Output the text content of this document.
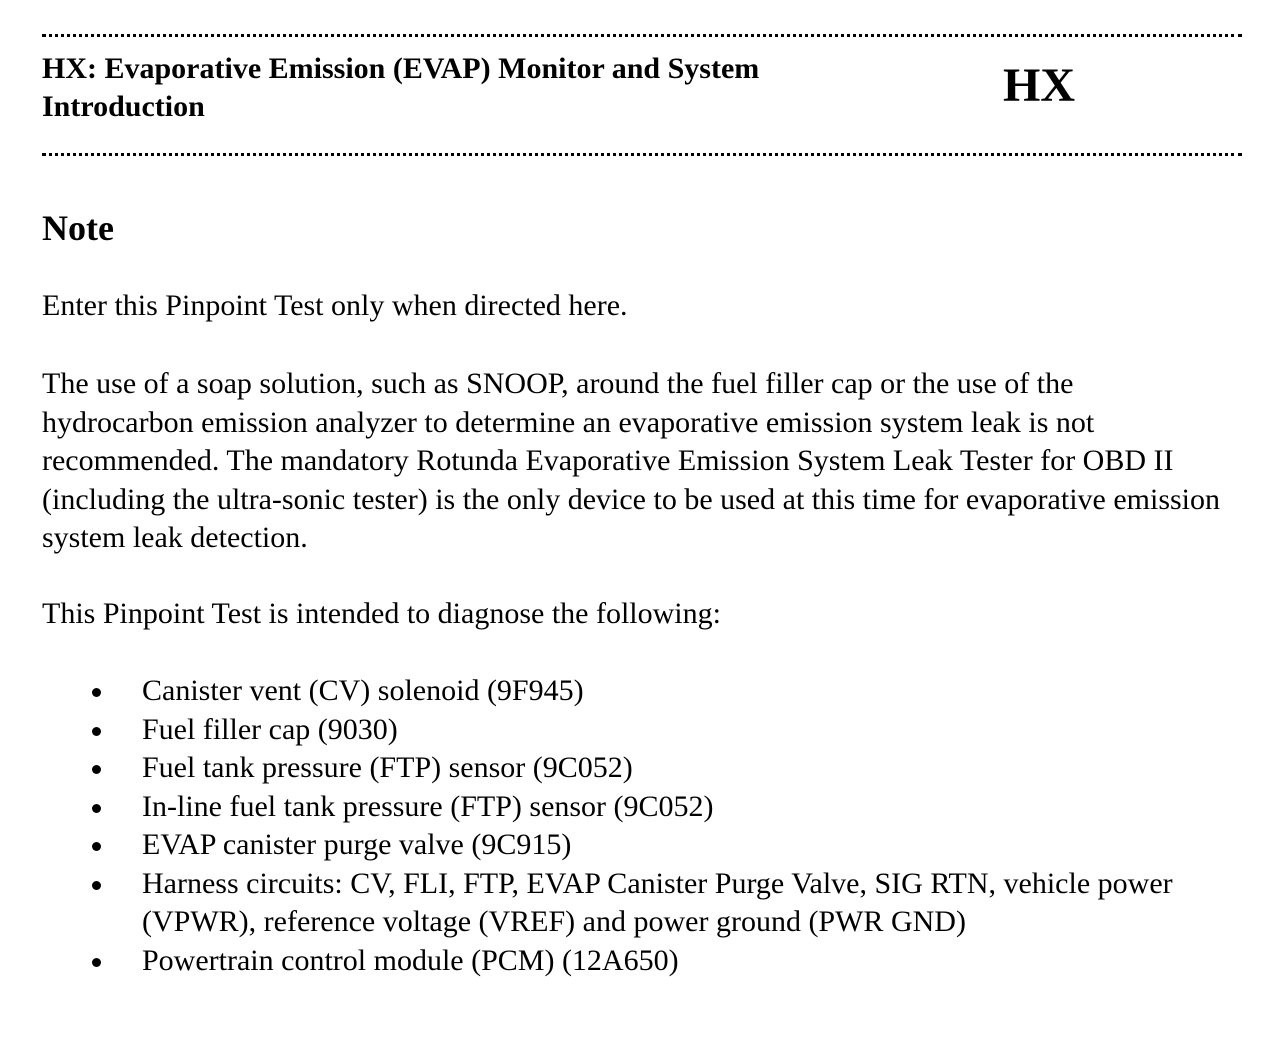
HX: Evaporative Emission (EVAP) Monitor and System Introduction	HX
Note

Enter this Pinpoint Test only when directed here.

The use of a soap solution, such as SNOOP, around the fuel filler cap or the use of the hydrocarbon emission analyzer to determine an evaporative emission system leak is not recommended. The mandatory Rotunda Evaporative Emission System Leak Tester for OBD II (including the ultra-sonic tester) is the only device to be used at this time for evaporative emission system leak detection.

This Pinpoint Test is intended to diagnose the following:

Canister vent (CV) solenoid (9F945)
Fuel filler cap (9030)
Fuel tank pressure (FTP) sensor (9C052)
In-line fuel tank pressure (FTP) sensor (9C052)
EVAP canister purge valve (9C915)
Harness circuits: CV, FLI, FTP, EVAP Canister Purge Valve, SIG RTN, vehicle power (VPWR), reference voltage (VREF) and power ground (PWR GND)
Powertrain control module (PCM) (12A650)
